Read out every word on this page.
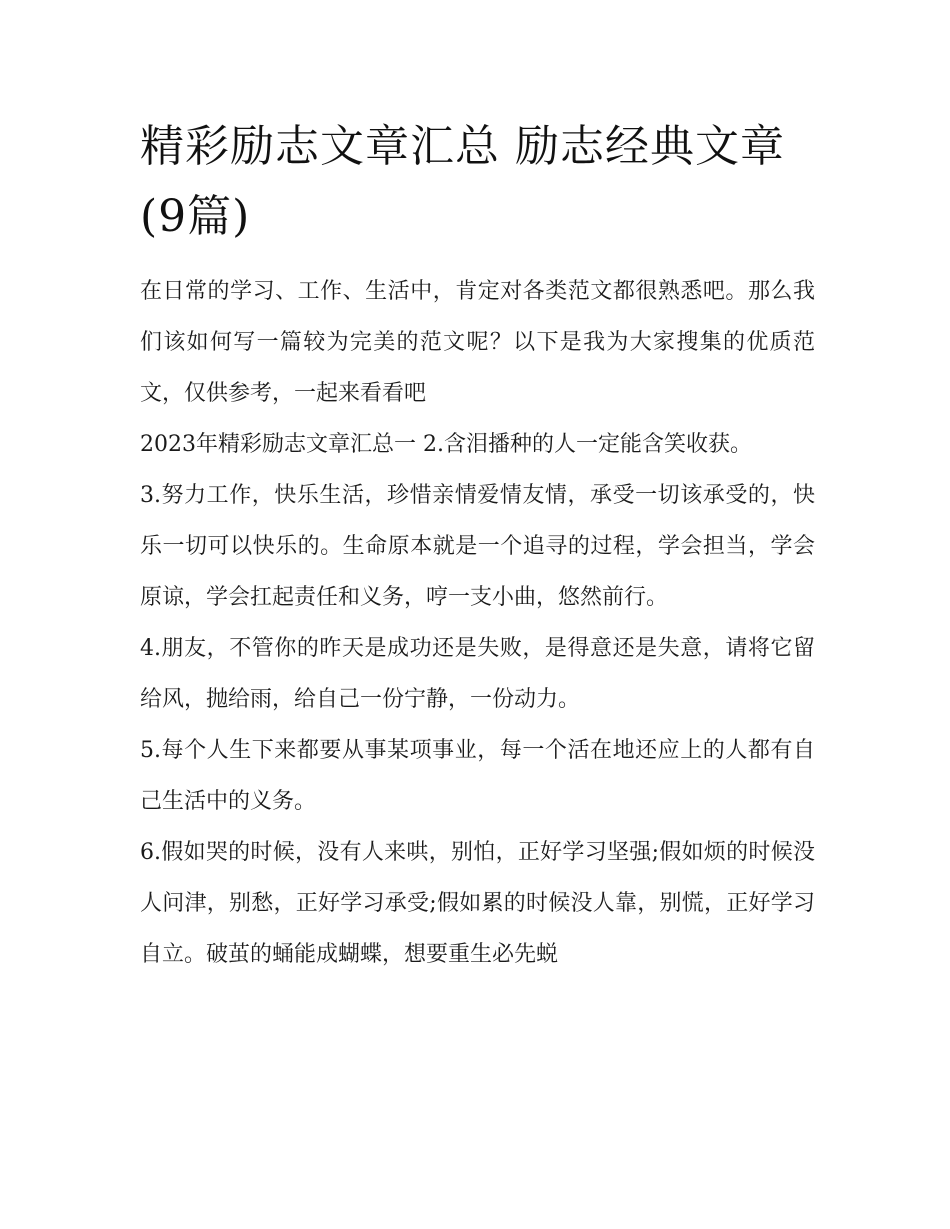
精彩励志文章汇总 励志经典文章(9篇)

在日常的学习、工作、生活中，肯定对各类范文都很熟悉吧。那么我们该如何写一篇较为完美的范文呢？以下是我为大家搜集的优质范文，仅供参考，一起来看看吧

2023年精彩励志文章汇总一 2.含泪播种的人一定能含笑收获。

3.努力工作，快乐生活，珍惜亲情爱情友情，承受一切该承受的，快乐一切可以快乐的。生命原本就是一个追寻的过程，学会担当，学会原谅，学会扛起责任和义务，哼一支小曲，悠然前行。

4.朋友，不管你的昨天是成功还是失败，是得意还是失意，请将它留给风，抛给雨，给自己一份宁静，一份动力。

5.每个人生下来都要从事某项事业，每一个活在地还应上的人都有自己生活中的义务。

6.假如哭的时候，没有人来哄，别怕，正好学习坚强;假如烦的时候没人问津，别愁，正好学习承受;假如累的时候没人靠，别慌，正好学习自立。破茧的蛹能成蝴蝶，想要重生必先蜕
